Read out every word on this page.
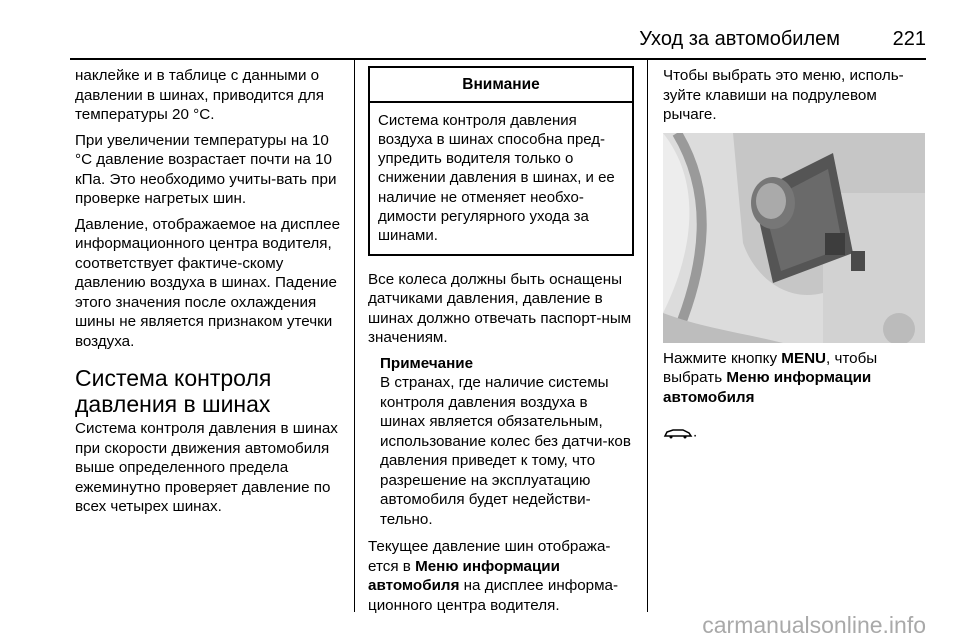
Уход за автомобилем	221

наклейке и в таблице с данными о давлении в шинах, приводится для температуры 20 °C.

При увеличении температуры на 10 °C давление возрастает почти на 10 кПа. Это необходимо учиты-вать при проверке нагретых шин.

Давление, отображаемое на дисплее информационного центра водителя, соответствует фактиче-скому давлению воздуха в шинах. Падение этого значения после охлаждения шины не является признаком утечки воздуха.

Система контроля давления в шинах

Система контроля давления в шинах при скорости движения автомобиля выше определенного предела ежеминутно проверяет давление по всех четырех шинах.

Внимание
Система контроля давления воздуха в шинах способна пред-упредить водителя только о снижении давления в шинах, и ее наличие не отменяет необхо-димости регулярного ухода за шинами.

Все колеса должны быть оснащены датчиками давления, давление в шинах должно отвечать паспорт-ным значениям.

Примечание
В странах, где наличие системы контроля давления воздуха в шинах является обязательным, использование колес без датчи-ков давления приведет к тому, что разрешение на эксплуатацию автомобиля будет недействи-тельно.

Текущее давление шин отобража-ется в Меню информации автомобиля на дисплее информа-ционного центра водителя.

Чтобы выбрать это меню, исполь-зуйте клавиши на подрулевом рычаге.

Нажмите кнопку MENU, чтобы выбрать Меню информации автомобиля

.

carmanualsonline.info
